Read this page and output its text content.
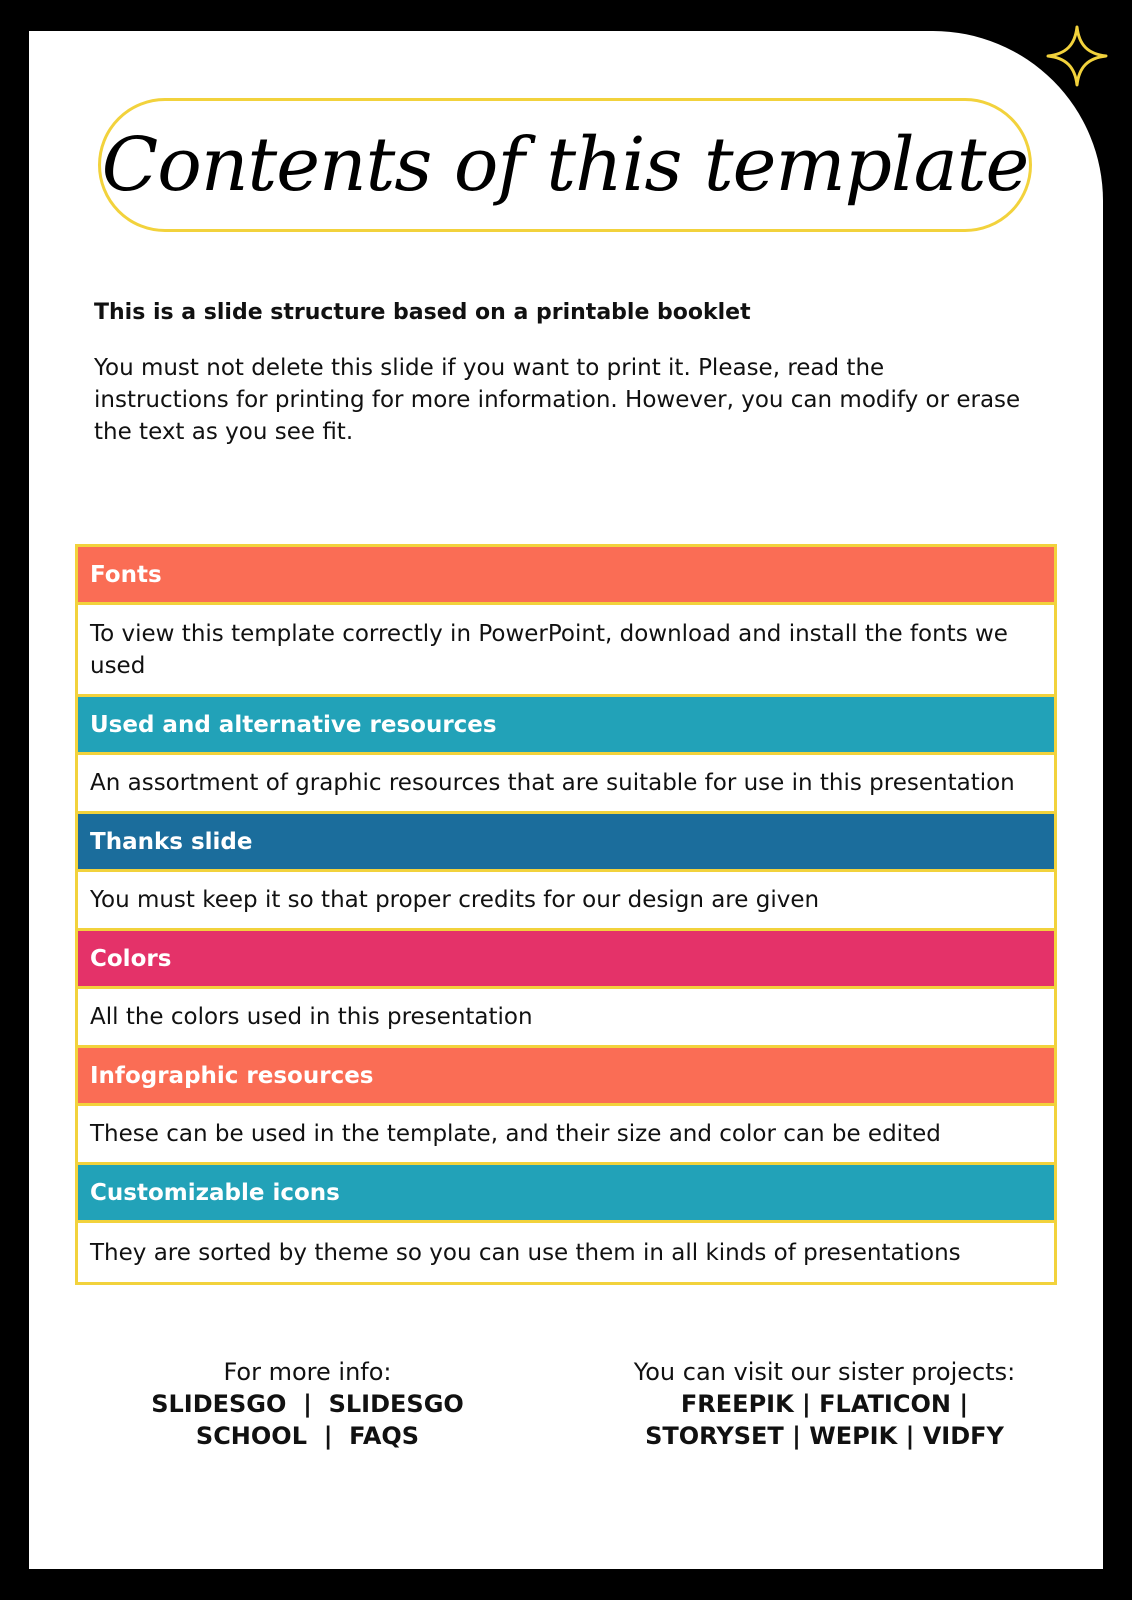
Contents of this template
This is a slide structure based on a printable booklet
You must not delete this slide if you want to print it. Please, read the instructions for printing for more information. However, you can modify or erase the text as you see fit.
Fonts
To view this template correctly in PowerPoint, download and install the fonts we used
Used and alternative resources
An assortment of graphic resources that are suitable for use in this presentation
Thanks slide
You must keep it so that proper credits for our design are given
Colors
All the colors used in this presentation
Infographic resources
These can be used in the template, and their size and color can be edited
Customizable icons
They are sorted by theme so you can use them in all kinds of presentations
For more info:
SLIDESGO  |  SLIDESGO
SCHOOL  |  FAQS
You can visit our sister projects:
FREEPIK | FLATICON |
STORYSET | WEPIK | VIDFY
